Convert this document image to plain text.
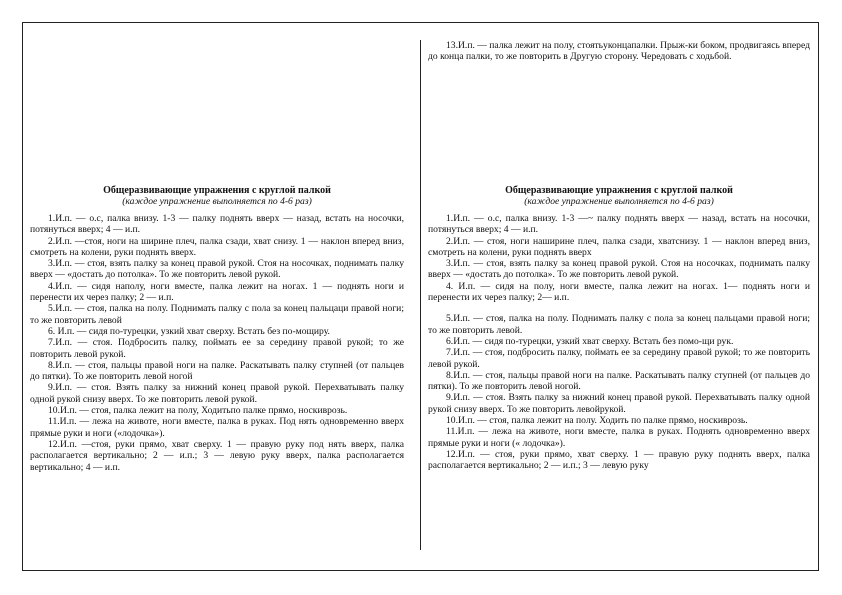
13.И.п. — палка лежит на полу, стоятьуконцапалки. Прыж-ки боком, продвигаясь вперед до конца палки, то же повторить в Другую сторону. Чередовать с ходьбой.

Общеразвивающие упражнения с круглой палкой
(каждое упражнение выполняется по 4-6 раз)

1.И.п. — о.с, палка внизу. 1-3 — палку поднять вверх — назад, встать на носочки, потянуться вверх; 4 — и.п.

2.И.п. —стоя, ноги на ширине плеч, палка сзади, хват снизу. 1 — наклон вперед вниз, смотреть на колени, руки поднять вверх.

3.И.п. — стоя, взять палку за конец правой рукой. Стоя на носочках, поднимать палку вверх — «достать до потолка». То же повторить левой рукой.

4.И.п. — сидя наполу, ноги вместе, палка лежит на ногах. 1 — поднять ноги и перенести их через палку; 2 — и.п.

5.И.п. — стоя, палка на полу. Поднимать палку с пола за конец пальцаци правой ноги; то же повторить левой

6. И.п. — сидя по-турецки, узкий хват сверху. Встать без по-мощиру.

7.И.п. — стоя. Подбросить палку, поймать ее за середину правой рукой; то же повторить левой рукой.

8.И.п. — стоя, пальцы правой ноги на палке. Раскатывать палку ступней (от пальцев до пятки). То же повторить левой ногой

9.И.п. — стоя. Взять палку за нижний конец правой рукой. Перехватывать палку одной рукой снизу вверх. То же повторить левой рукой.

10.И.п. — стоя, палка лежит на полу, Ходитьпо палке прямо, носкиврозь.

11.И.п. — лежа на животе, ноги вместе, палка в руках. Под нять одновременно вверх прямые руки и ноги («лодочка»).

12.И.п. —стоя, руки прямо, хват сверху. 1 — правую руку под нять вверх, палка располагается вертикально; 2 — и.п.; 3 — левую руку вверх, палка располагается вертикально; 4 — и.п.

Общеразвивающие упражнения с круглой палкой
(каждое упражнение выполняется по 4-6 раз)

1.И.п. — о.с, палка внизу. 1-3 —~ палку поднять вверх — назад, встать на носочки, потянуться вверх; 4 — и.п.

2.И.п. — стоя, ноги наширине плеч, палка сзади, хватснизу. 1 — наклон вперед вниз, смотреть на колени, руки поднять вверх

3.И.п. — стоя, взять палку за конец правой рукой. Стоя на носочках, поднимать палку вверх — «достать до потолка». То же повторить левой рукой.

4. И.п. — сидя на полу, ноги вместе, палка лежит на ногах. 1— поднять ноги и перенести их через палку; 2— и.п.

5.И.п. — стоя, палка на полу. Поднимать палку с пола за конец пальцами правой ноги; то же повторить левой.

6.И.п. — сидя по-турецки, узкий хват сверху. Встать без помо-щи рук.

7.И.п. — стоя, подбросить палку, поймать ее за середину правой рукой; то же повторить левой рукой.

8.И.п. — стоя, пальцы правой ноги на палке. Раскатывать палку ступней (от пальцев до пятки). То же повторить левой ногой.

9.И.п. — стоя. Взять палку за нижний конец правой рукой. Перехватывать палку одной рукой снизу вверх. То же повторить левойрукой.

10.И.п. — стоя, палка лежит на полу. Ходить по палке прямо, носкиврозь.

11.И.п. — лежа на животе, ноги вместе, палка в руках. Поднять одновременно вверх прямые руки и ноги (« лодочка»).

12.И.п. — стоя, руки прямо, хват сверху. 1 — правую руку поднять вверх, палка располагается вертикально; 2 — и.п.; 3 — левую руку
